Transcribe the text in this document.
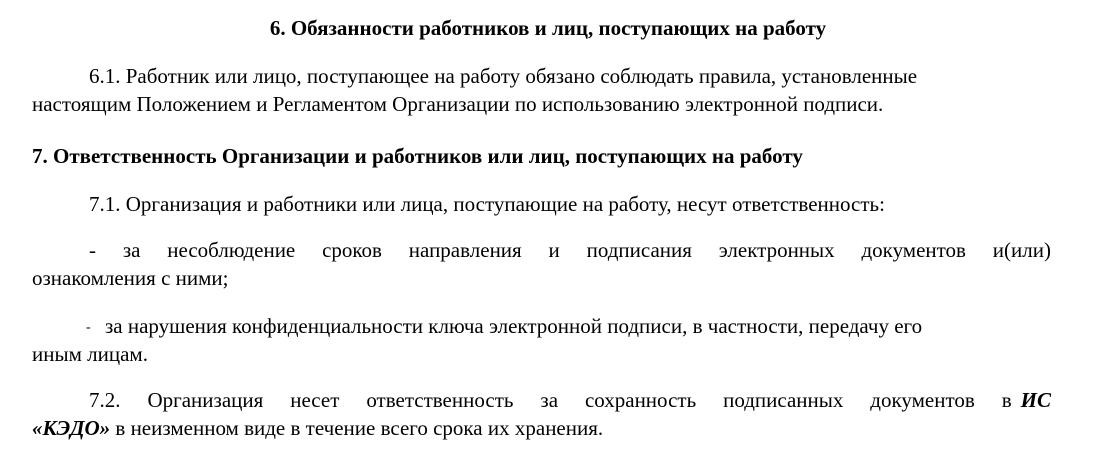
6. Обязанности работников и лиц, поступающих на работу
6.1. Работник или лицо, поступающее на работу обязано соблюдать правила, установленные
настоящим Положением и Регламентом Организации по использованию электронной подписи.
7. Ответственность Организации и работников или лиц, поступающих на работу
7.1. Организация и работники или лица, поступающие на работу, несут ответственность:
- за несоблюдение сроков направления и подписания электронных документов и(или)
ознакомления с ними;
- за нарушения конфиденциальности ключа электронной подписи, в частности, передачу его
иным лицам.
7.2. Организация несет ответственность за сохранность подписанных документов в ИС
«КЭДО» в неизменном виде в течение всего срока их хранения.
